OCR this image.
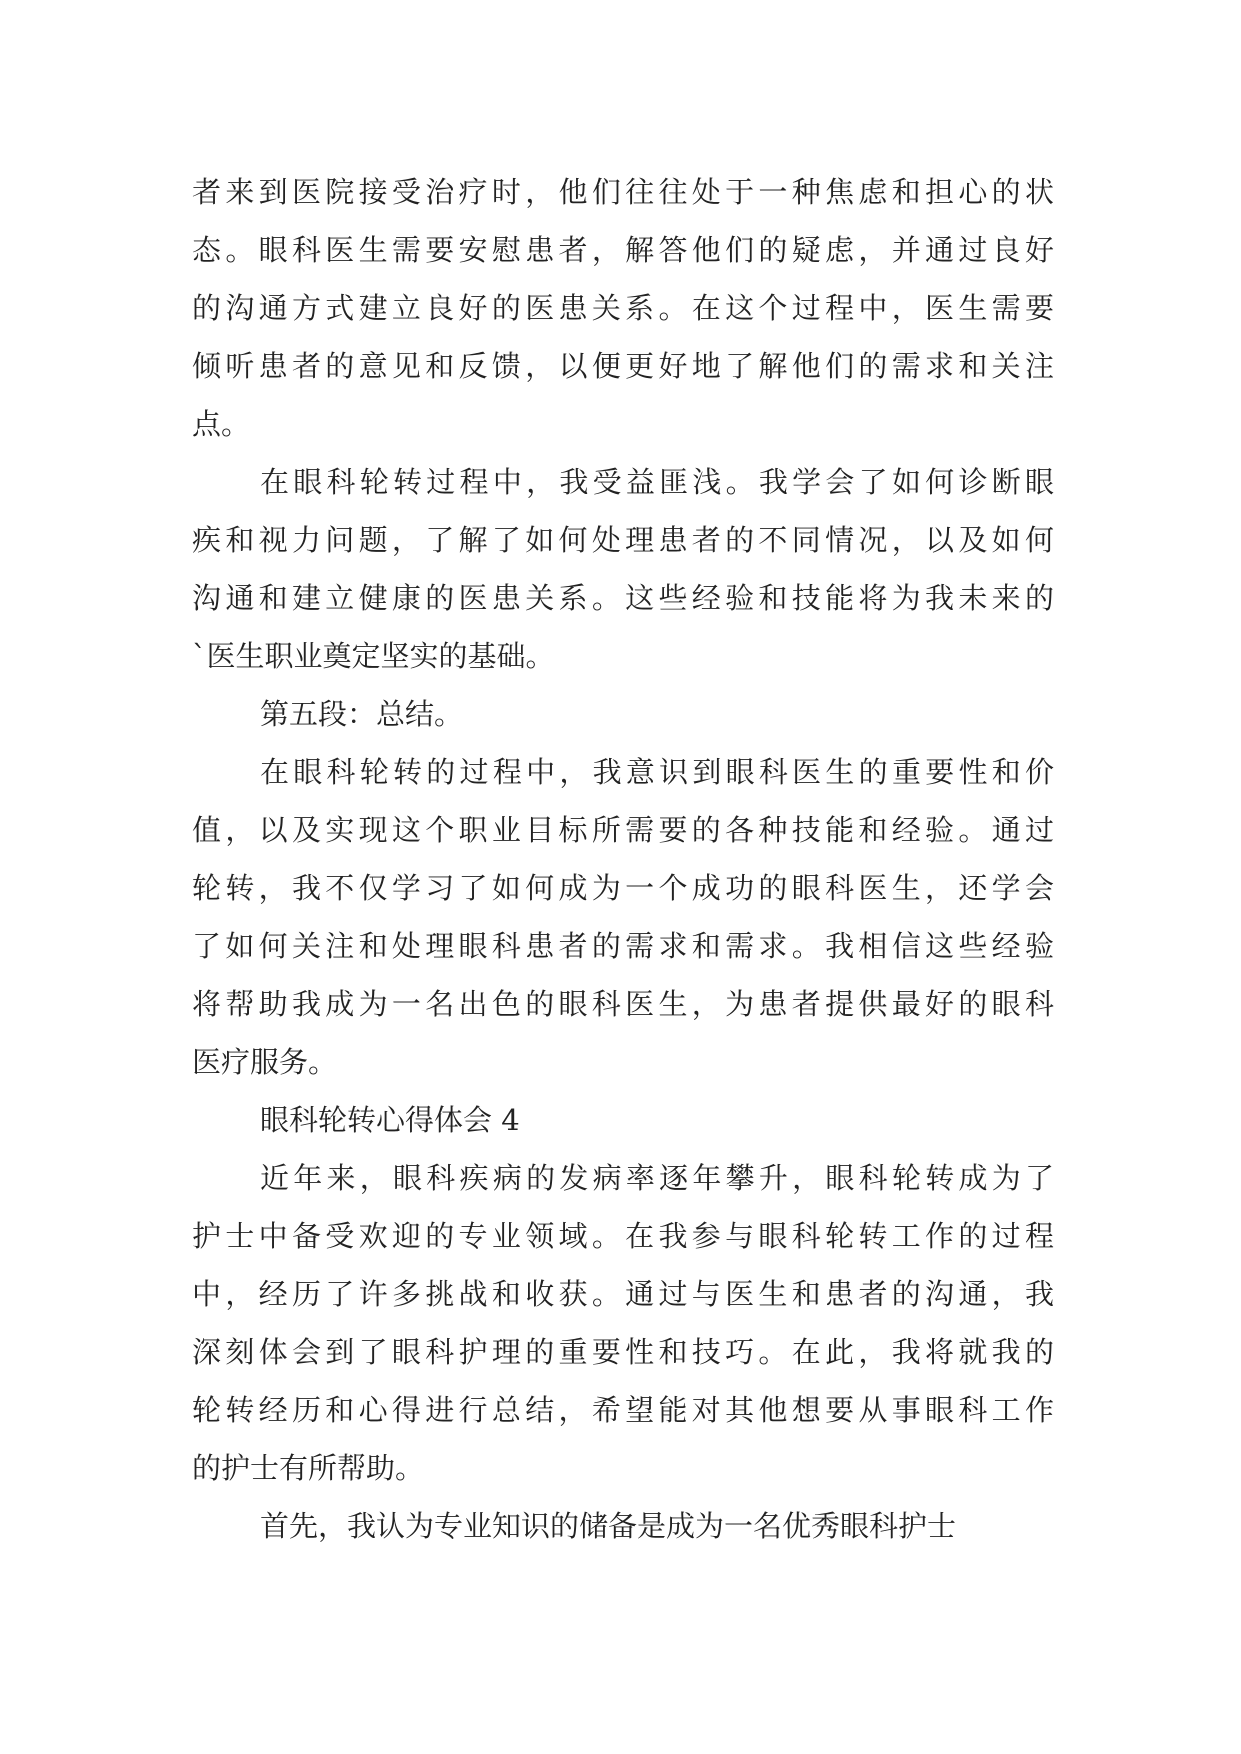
者来到医院接受治疗时，他们往往处于一种焦虑和担心的状
态。眼科医生需要安慰患者，解答他们的疑虑，并通过良好
的沟通方式建立良好的医患关系。在这个过程中，医生需要
倾听患者的意见和反馈，以便更好地了解他们的需求和关注
点。
在眼科轮转过程中，我受益匪浅。我学会了如何诊断眼
疾和视力问题，了解了如何处理患者的不同情况，以及如何
沟通和建立健康的医患关系。这些经验和技能将为我未来的
`医生职业奠定坚实的基础。
第五段：总结。
在眼科轮转的过程中，我意识到眼科医生的重要性和价
值，以及实现这个职业目标所需要的各种技能和经验。通过
轮转，我不仅学习了如何成为一个成功的眼科医生，还学会
了如何关注和处理眼科患者的需求和需求。我相信这些经验
将帮助我成为一名出色的眼科医生，为患者提供最好的眼科
医疗服务。
眼科轮转心得体会 4
近年来，眼科疾病的发病率逐年攀升，眼科轮转成为了
护士中备受欢迎的专业领域。在我参与眼科轮转工作的过程
中，经历了许多挑战和收获。通过与医生和患者的沟通，我
深刻体会到了眼科护理的重要性和技巧。在此，我将就我的
轮转经历和心得进行总结，希望能对其他想要从事眼科工作
的护士有所帮助。
首先，我认为专业知识的储备是成为一名优秀眼科护士
